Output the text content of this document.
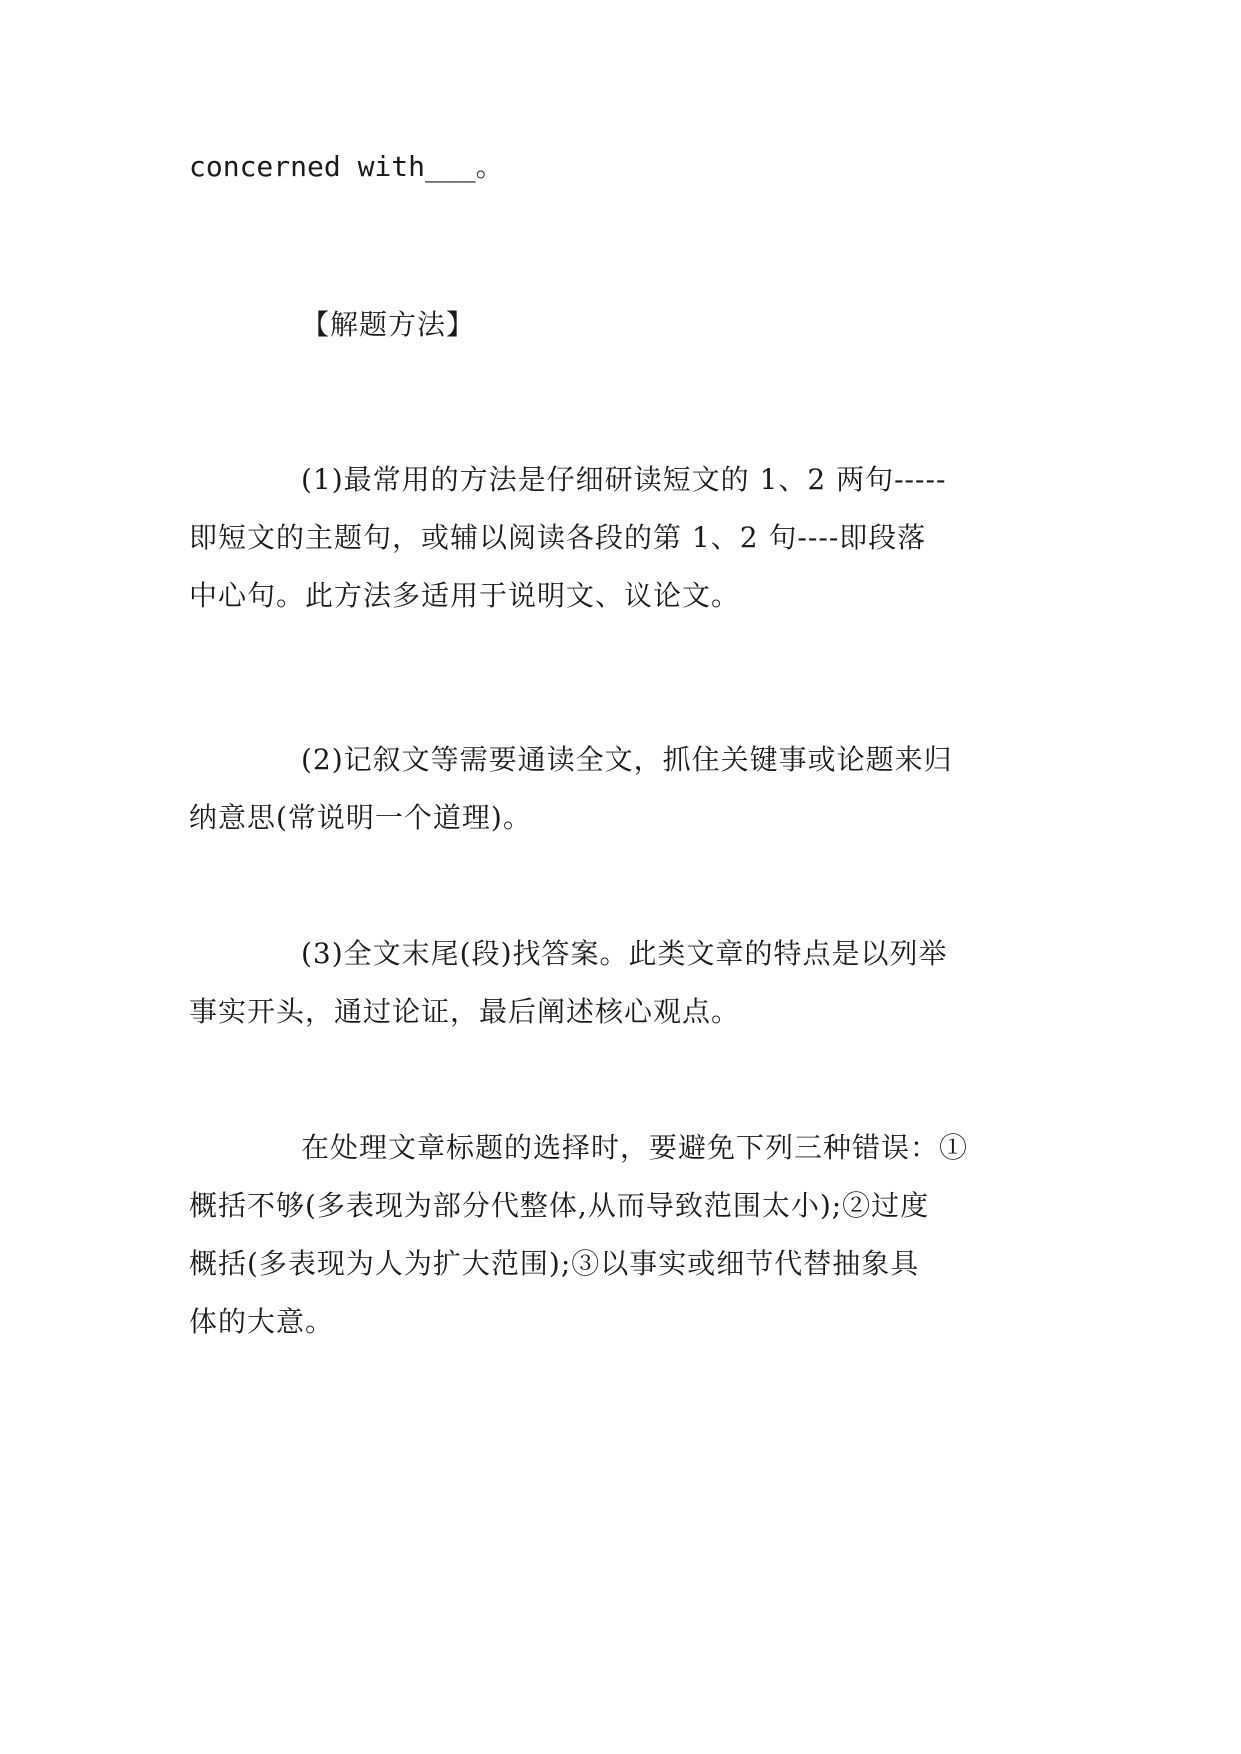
concerned with___。
【解题方法】
(1)最常用的方法是仔细研读短文的 1、2 两句-----
即短文的主题句，或辅以阅读各段的第 1、2 句----即段落
中心句。此方法多适用于说明文、议论文。
(2)记叙文等需要通读全文，抓住关键事或论题来归
纳意思(常说明一个道理)。
(3)全文末尾(段)找答案。此类文章的特点是以列举
事实开头，通过论证，最后阐述核心观点。
在处理文章标题的选择时，要避免下列三种错误：①
概括不够(多表现为部分代整体,从而导致范围太小);②过度
概括(多表现为人为扩大范围);③以事实或细节代替抽象具
体的大意。
